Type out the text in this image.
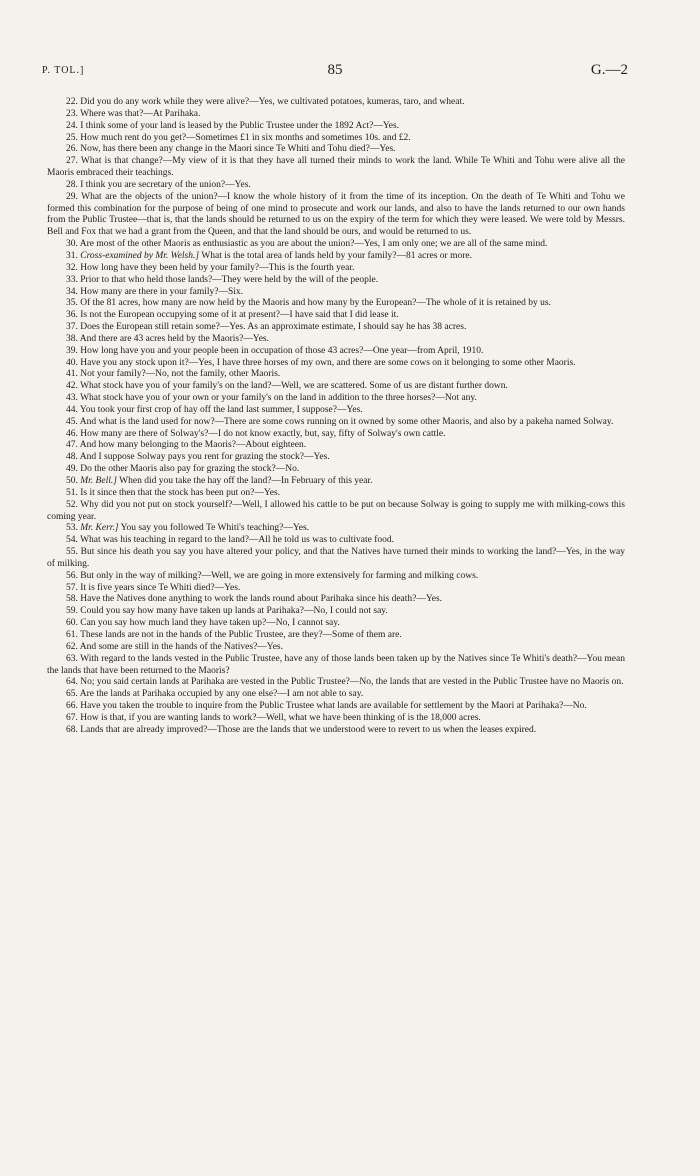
P. TOL.]	85	G.—2

22. Did you do any work while they were alive?—Yes, we cultivated potatoes, kumeras, taro, and wheat.

23. Where was that?—At Parihaka.

24. I think some of your land is leased by the Public Trustee under the 1892 Act?—Yes.

25. How much rent do you get?—Sometimes £1 in six months and sometimes 10s. and £2.

26. Now, has there been any change in the Maori since Te Whiti and Tohu died?—Yes.

27. What is that change?—My view of it is that they have all turned their minds to work the land. While Te Whiti and Tohu were alive all the Maoris embraced their teachings.

28. I think you are secretary of the union?—Yes.

29. What are the objects of the union?—I know the whole history of it from the time of its inception. On the death of Te Whiti and Tohu we formed this combination for the purpose of being of one mind to prosecute and work our lands, and also to have the lands returned to our own hands from the Public Trustee—that is, that the lands should be returned to us on the expiry of the term for which they were leased. We were told by Messrs. Bell and Fox that we had a grant from the Queen, and that the land should be ours, and would be returned to us.

30. Are most of the other Maoris as enthusiastic as you are about the union?—Yes, I am only one; we are all of the same mind.

31. Cross-examined by Mr. Welsh.] What is the total area of lands held by your family?—81 acres or more.

32. How long have they been held by your family?—This is the fourth year.

33. Prior to that who held those lands?—They were held by the will of the people.

34. How many are there in your family?—Six.

35. Of the 81 acres, how many are now held by the Maoris and how many by the European?—The whole of it is retained by us.

36. Is not the European occupying some of it at present?—I have said that I did lease it.

37. Does the European still retain some?—Yes. As an approximate estimate, I should say he has 38 acres.

38. And there are 43 acres held by the Maoris?—Yes.

39. How long have you and your people been in occupation of those 43 acres?—One year—from April, 1910.

40. Have you any stock upon it?—Yes, I have three horses of my own, and there are some cows on it belonging to some other Maoris.

41. Not your family?—No, not the family, other Maoris.

42. What stock have you of your family's on the land?—Well, we are scattered. Some of us are distant further down.

43. What stock have you of your own or your family's on the land in addition to the three horses?—Not any.

44. You took your first crop of hay off the land last summer, I suppose?—Yes.

45. And what is the land used for now?—There are some cows running on it owned by some other Maoris, and also by a pakeha named Solway.

46. How many are there of Solway's?—I do not know exactly, but, say, fifty of Solway's own cattle.

47. And how many belonging to the Maoris?—About eighteen.

48. And I suppose Solway pays you rent for grazing the stock?—Yes.

49. Do the other Maoris also pay for grazing the stock?—No.

50. Mr. Bell.] When did you take the hay off the land?—In February of this year.

51. Is it since then that the stock has been put on?—Yes.

52. Why did you not put on stock yourself?—Well, I allowed his cattle to be put on because Solway is going to supply me with milking-cows this coming year.

53. Mr. Kerr.] You say you followed Te Whiti's teaching?—Yes.

54. What was his teaching in regard to the land?—All he told us was to cultivate food.

55. But since his death you say you have altered your policy, and that the Natives have turned their minds to working the land?—Yes, in the way of milking.

56. But only in the way of milking?—Well, we are going in more extensively for farming and milking cows.

57. It is five years since Te Whiti died?—Yes.

58. Have the Natives done anything to work the lands round about Parihaka since his death?—Yes.

59. Could you say how many have taken up lands at Parihaka?—No, I could not say.

60. Can you say how much land they have taken up?—No, I cannot say.

61. These lands are not in the hands of the Public Trustee, are they?—Some of them are.

62. And some are still in the hands of the Natives?—Yes.

63. With regard to the lands vested in the Public Trustee, have any of those lands been taken up by the Natives since Te Whiti's death?—You mean the lands that have been returned to the Maoris?

64. No; you said certain lands at Parihaka are vested in the Public Trustee?—No, the lands that are vested in the Public Trustee have no Maoris on.

65. Are the lands at Parihaka occupied by any one else?—I am not able to say.

66. Have you taken the trouble to inquire from the Public Trustee what lands are available for settlement by the Maori at Parihaka?—No.

67. How is that, if you are wanting lands to work?—Well, what we have been thinking of is the 18,000 acres.

68. Lands that are already improved?—Those are the lands that we understood were to revert to us when the leases expired.
